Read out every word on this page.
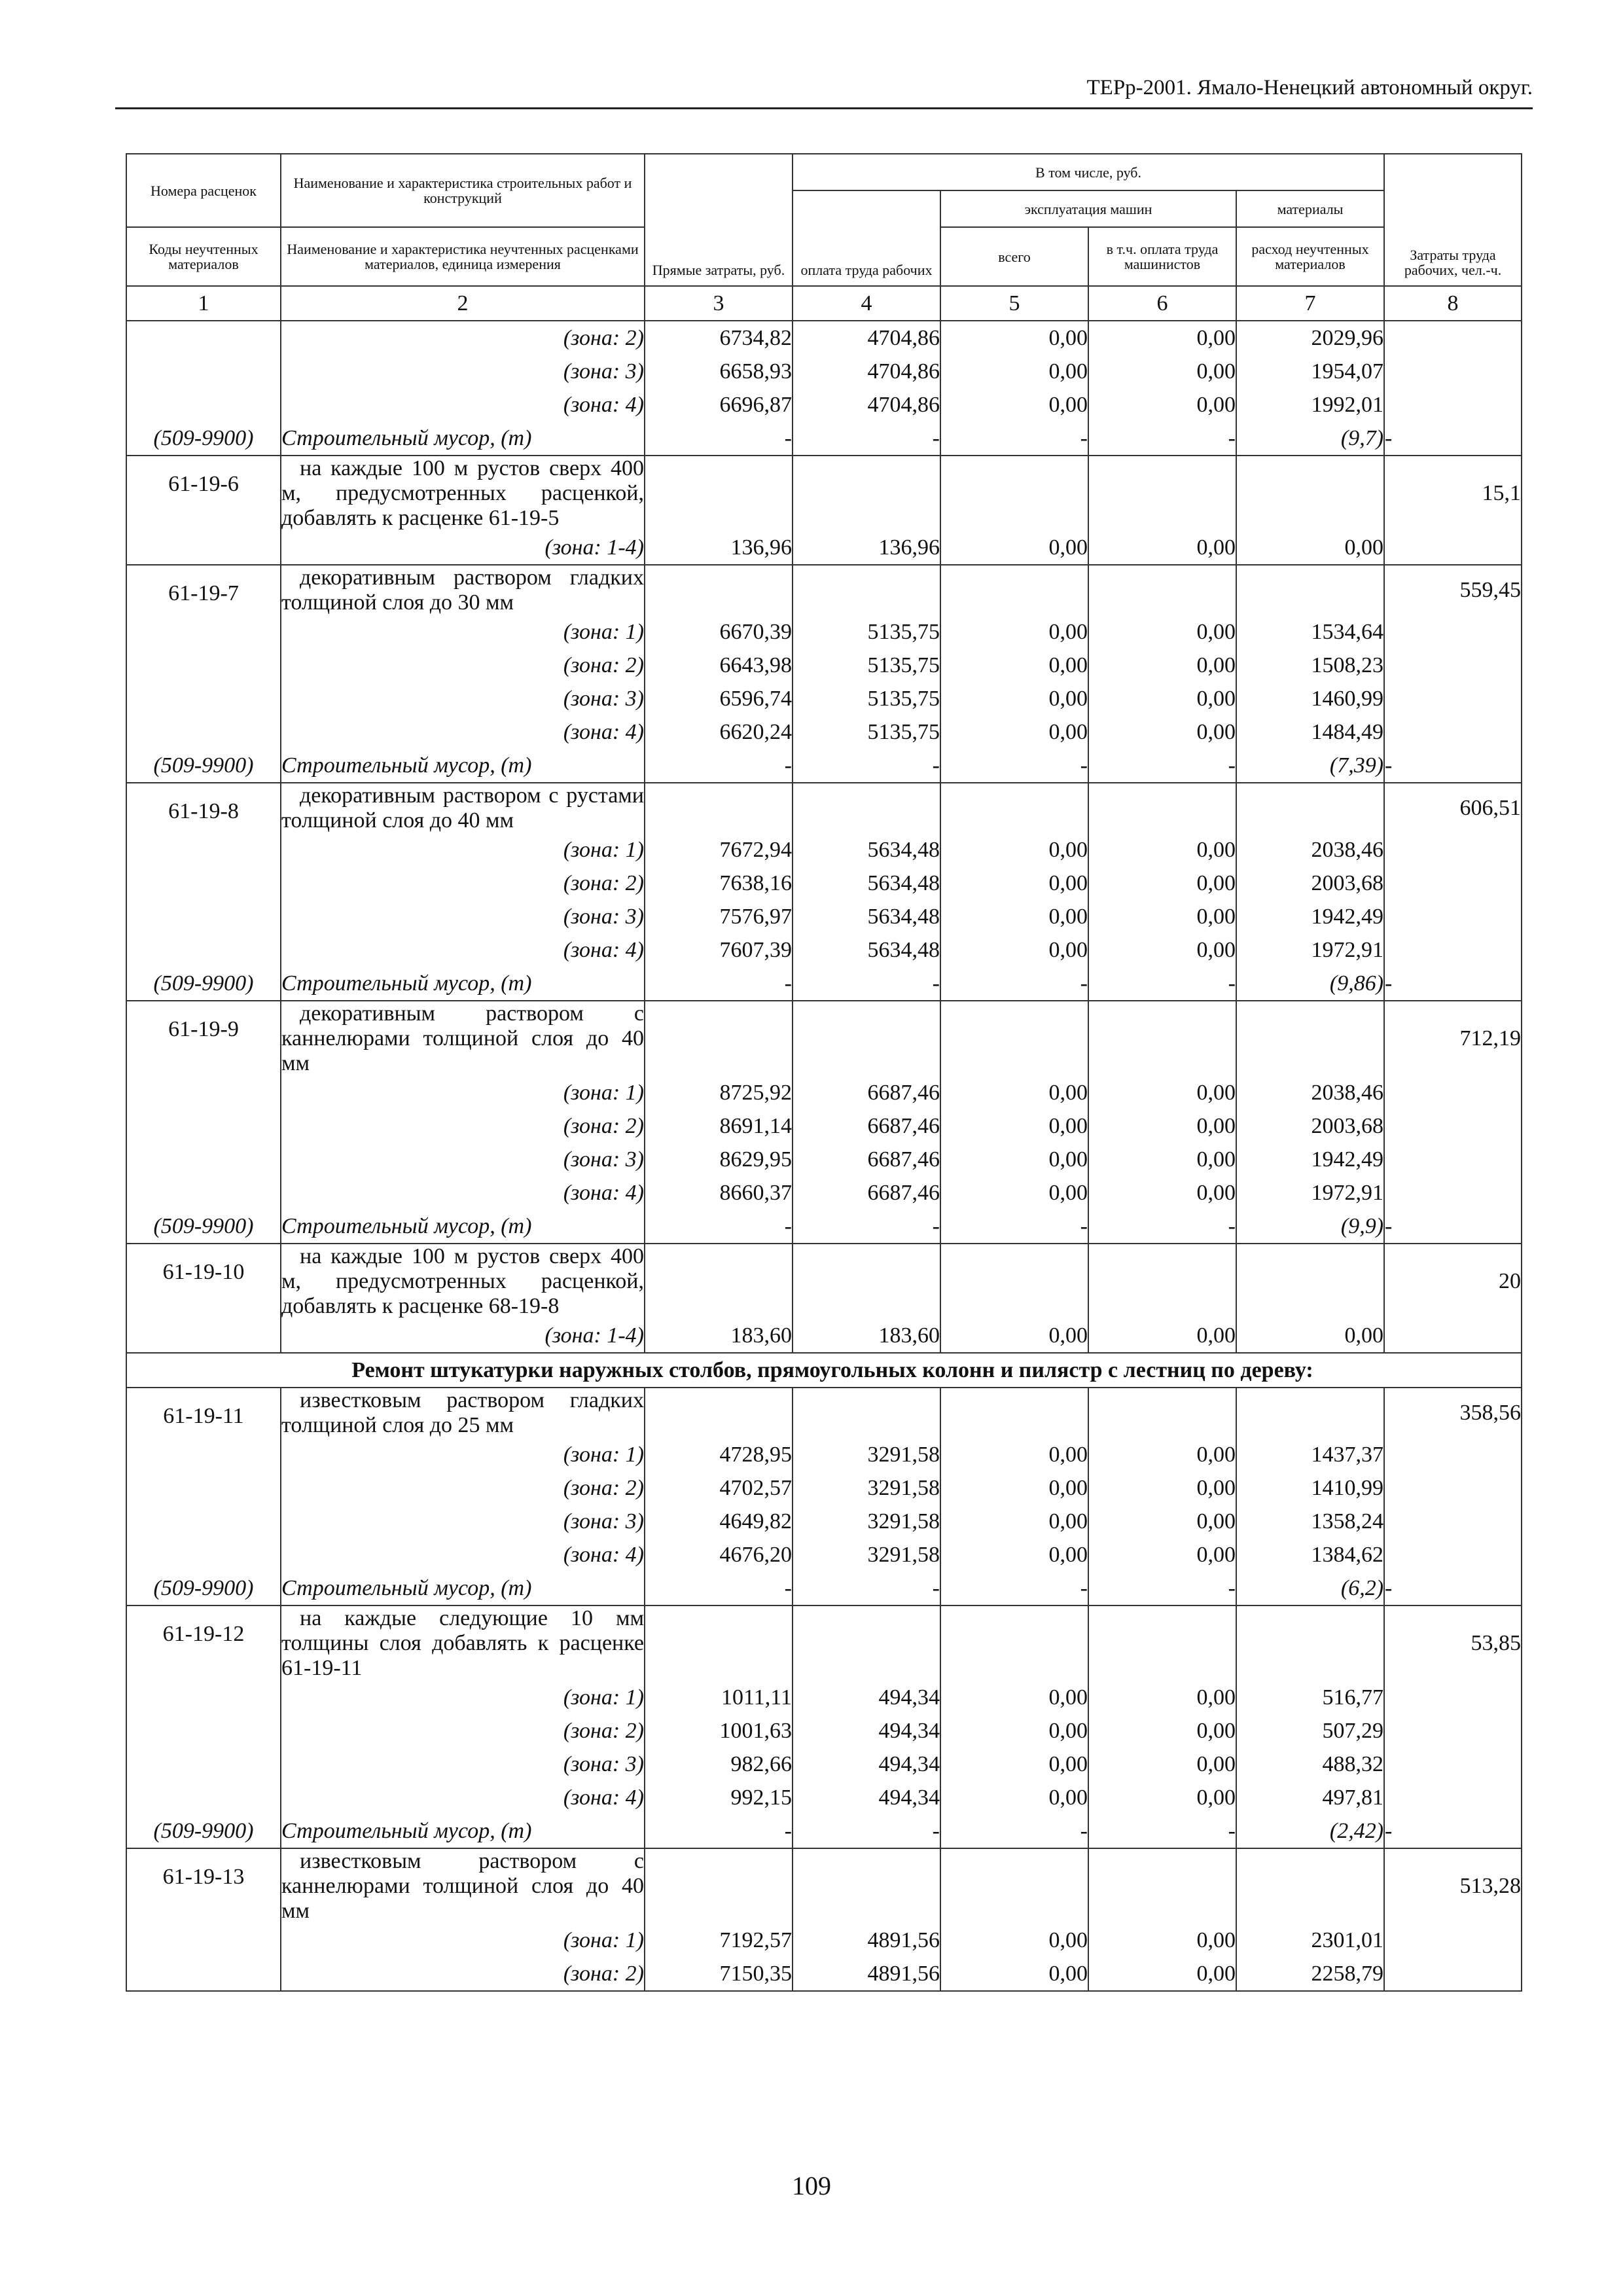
ТЕРр-2001. Ямало-Ненецкий автономный округ.
Номера расценок	Наименование и характеристика строительных работ и конструкций	Прямые затраты, руб.	В том числе, руб.				Затраты труда рабочих, чел.-ч.
			оплата труда рабочих	эксплуатация машин		материалы	
Коды неучтенных материалов	Наименование и характеристика неучтенных расценками материалов, единица измерения			всего	в т.ч. оплата труда машинистов	расход неучтенных материалов	
1	2	3	4	5	6	7	8
	(зона: 2)	6734,82	4704,86	0,00	0,00	2029,96	
	(зона: 3)	6658,93	4704,86	0,00	0,00	1954,07	
	(зона: 4)	6696,87	4704,86	0,00	0,00	1992,01	
(509-9900)	Строительный мусор, (т)	-	-	-	-	(9,7)	-
61-19-6	на каждые 100 м рустов сверх 400 м, предусмотренных расценкой, добавлять к расценке 61-19-5						15,1
	(зона: 1-4)	136,96	136,96	0,00	0,00	0,00	
61-19-7	декоративным раствором гладких толщиной слоя до 30 мм						559,45
	(зона: 1)	6670,39	5135,75	0,00	0,00	1534,64	
	(зона: 2)	6643,98	5135,75	0,00	0,00	1508,23	
	(зона: 3)	6596,74	5135,75	0,00	0,00	1460,99	
	(зона: 4)	6620,24	5135,75	0,00	0,00	1484,49	
(509-9900)	Строительный мусор, (т)	-	-	-	-	(7,39)	-
61-19-8	декоративным раствором с рустами толщиной слоя до 40 мм						606,51
	(зона: 1)	7672,94	5634,48	0,00	0,00	2038,46	
	(зона: 2)	7638,16	5634,48	0,00	0,00	2003,68	
	(зона: 3)	7576,97	5634,48	0,00	0,00	1942,49	
	(зона: 4)	7607,39	5634,48	0,00	0,00	1972,91	
(509-9900)	Строительный мусор, (т)	-	-	-	-	(9,86)	-
61-19-9	декоративным раствором с каннелюрами толщиной слоя до 40 мм						712,19
	(зона: 1)	8725,92	6687,46	0,00	0,00	2038,46	
	(зона: 2)	8691,14	6687,46	0,00	0,00	2003,68	
	(зона: 3)	8629,95	6687,46	0,00	0,00	1942,49	
	(зона: 4)	8660,37	6687,46	0,00	0,00	1972,91	
(509-9900)	Строительный мусор, (т)	-	-	-	-	(9,9)	-
61-19-10	на каждые 100 м рустов сверх 400 м, предусмотренных расценкой, добавлять к расценке 68-19-8						20
	(зона: 1-4)	183,60	183,60	0,00	0,00	0,00	
	Ремонт штукатурки наружных столбов, прямоугольных колонн и пилястр с лестниц по дереву:						
61-19-11	известковым раствором гладких толщиной слоя до 25 мм						358,56
	(зона: 1)	4728,95	3291,58	0,00	0,00	1437,37	
	(зона: 2)	4702,57	3291,58	0,00	0,00	1410,99	
	(зона: 3)	4649,82	3291,58	0,00	0,00	1358,24	
	(зона: 4)	4676,20	3291,58	0,00	0,00	1384,62	
(509-9900)	Строительный мусор, (т)	-	-	-	-	(6,2)	-
61-19-12	на каждые следующие 10 мм толщины слоя добавлять к расценке 61-19-11						53,85
	(зона: 1)	1011,11	494,34	0,00	0,00	516,77	
	(зона: 2)	1001,63	494,34	0,00	0,00	507,29	
	(зона: 3)	982,66	494,34	0,00	0,00	488,32	
	(зона: 4)	992,15	494,34	0,00	0,00	497,81	
(509-9900)	Строительный мусор, (т)	-	-	-	-	(2,42)	-
61-19-13	известковым раствором с каннелюрами толщиной слоя до 40 мм						513,28
	(зона: 1)	7192,57	4891,56	0,00	0,00	2301,01	
	(зона: 2)	7150,35	4891,56	0,00	0,00	2258,79	
109
